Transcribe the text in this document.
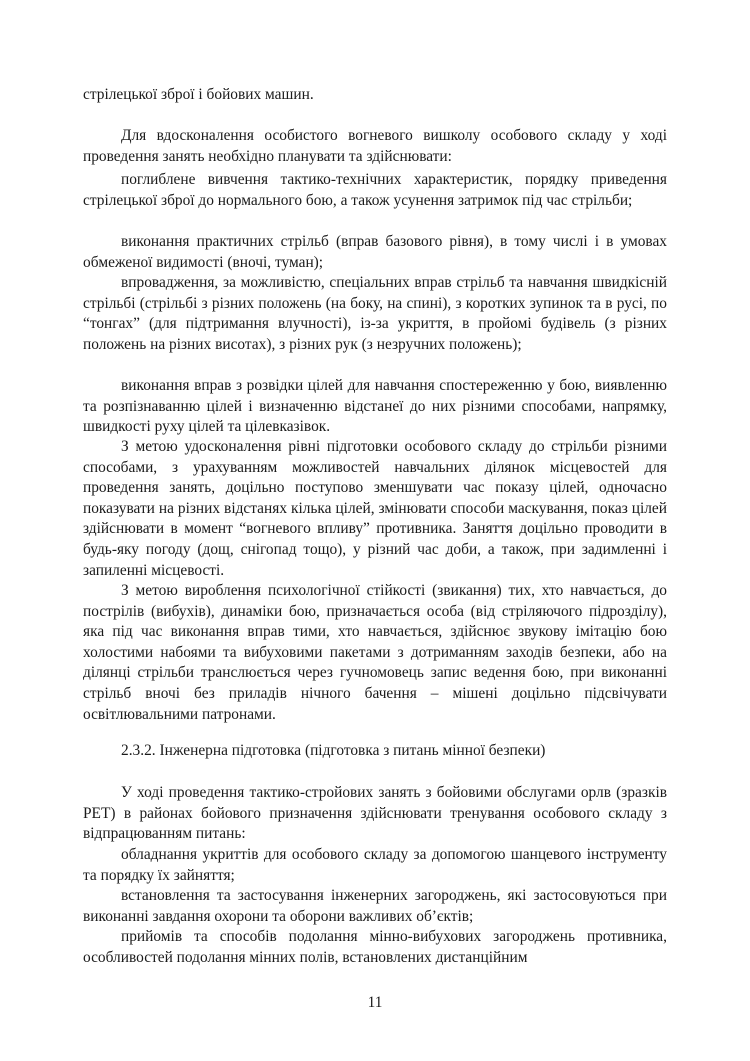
стрілецької зброї і бойових машин.

Для вдосконалення особистого вогневого вишколу особового складу у ході проведення занять необхідно планувати та здійснювати:

поглиблене вивчення тактико-технічних характеристик, порядку приведення стрілецької зброї до нормального бою, а також усунення затримок під час стрільби;

виконання практичних стрільб (вправ базового рівня), в тому числі і в умовах обмеженої видимості (вночі, туман);

впровадження, за можливістю, спеціальних вправ стрільб та навчання швидкісній стрільбі (стрільбі з різних положень (на боку, на спині), з коротких зупинок та в русі, по “тонгах” (для підтримання влучності), із-за укриття, в пройомі будівель (з різних положень на різних висотах), з різних рук (з незручних положень);

виконання вправ з розвідки цілей для навчання спостереженню у бою, виявленню та розпізнаванню цілей і визначенню відстанеї до них різними способами, напрямку, швидкості руху цілей та цілевказівок.

З метою удосконалення рівні підготовки особового складу до стрільби різними способами, з урахуванням можливостей навчальних ділянок місцевостей для проведення занять, доцільно поступово зменшувати час показу цілей, одночасно показувати на різних відстанях кілька цілей, змінювати способи маскування, показ цілей здійснювати в момент “вогневого впливу” противника. Заняття доцільно проводити в будь-яку погоду (дощ, снігопад тощо), у різний час доби, а також, при задимленні і запиленні місцевості.

З метою вироблення психологічної стійкості (звикання) тих, хто навчається, до пострілів (вибухів), динаміки бою, призначається особа (від стріляючого підрозділу), яка під час виконання вправ тими, хто навчається, здійснює звукову імітацію бою холостими набоями та вибуховими пакетами з дотриманням заходів безпеки, або на ділянці стрільби транслюється через гучномовець запис ведення бою, при виконанні стрільб вночі без приладів нічного бачення – мішені доцільно підсвічувати освітлювальними патронами.

2.3.2. Інженерна підготовка (підготовка з питань мінної безпеки)

У ході проведення тактико-стройових занять з бойовими обслугами орлв (зразків РЕТ) в районах бойового призначення здійснювати тренування особового складу з відпрацюванням питань:

обладнання укриттів для особового складу за допомогою шанцевого інструменту та порядку їх зайняття;

встановлення та застосування інженерних загороджень, які застосовуються при виконанні завдання охорони та оборони важливих об’єктів;

прийомів та способів подолання мінно-вибухових загороджень противника, особливостей подолання мінних полів, встановлених дистанційним

11
